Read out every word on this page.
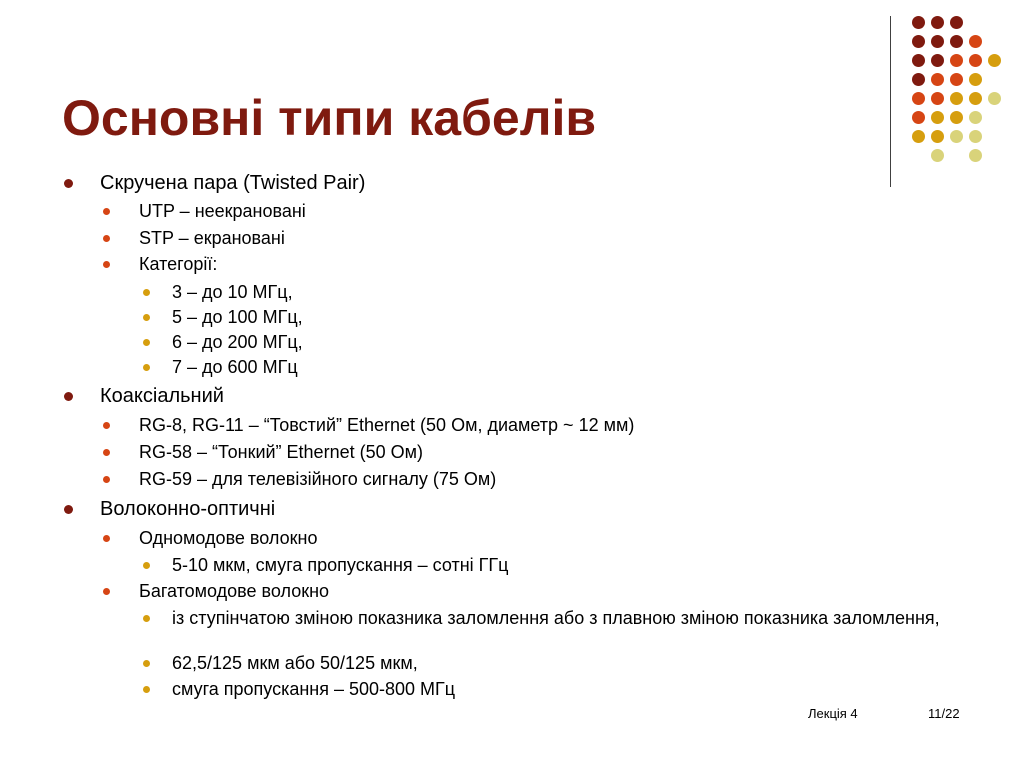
Основні типи кабелів
Скручена пара (Twisted Pair)
UTP – неекрановані
STP – екрановані
Категорії:
3 – до 10 МГц,
5 – до 100 МГц,
6 – до 200 МГц,
7 – до 600 МГц
Коаксіальний
RG-8, RG-11 – “Товстий” Ethernet (50 Ом, диаметр ~ 12 мм)
RG-58 – “Тонкий” Ethernet (50 Ом)
RG-59 – для телевізійного сигналу (75 Ом)
Волоконно-оптичні
Одномодове волокно
5-10 мкм, смуга пропускання – сотні ГГц
Багатомодове волокно
із ступінчатою зміною показника заломлення або з плавною зміною показника заломлення,
62,5/125 мкм або 50/125 мкм,
смуга пропускання – 500-800 МГц
Лекція 4	11/22
